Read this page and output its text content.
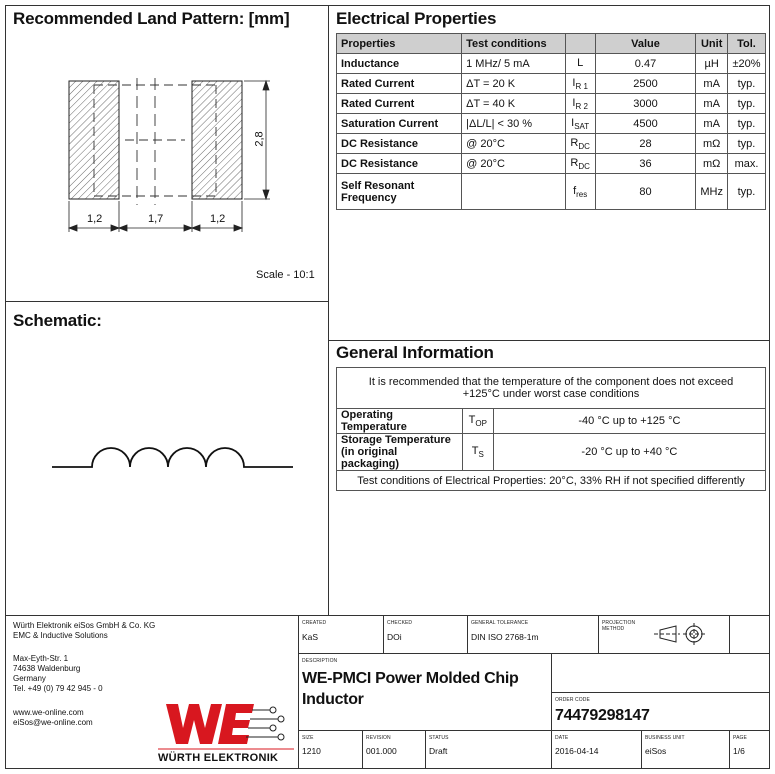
Recommended Land Pattern: [mm]
2,8
1,2	1,7	1,2
Scale - 10:1
Schematic:
Electrical Properties
Properties	Test conditions		Value	Unit	Tol.
Inductance	1 MHz/ 5 mA	L	0.47	µH	±20%
Rated Current	ΔT = 20 K	$I_{R 1}$	2500	mA	typ.
Rated Current	ΔT = 40 K	$I_{R 2}$	3000	mA	typ.
Saturation Current	|ΔL/L| < 30 %	$I_{SAT}$	4500	mA	typ.
DC Resistance	@ 20°C	$R_{DC}$	28	mΩ	typ.
DC Resistance	@ 20°C	$R_{DC}$	36	mΩ	max.
Self Resonant Frequency		$f_{res}$	80	MHz	typ.
General Information
It is recommended that the temperature of the component does not exceed +125°C under worst case conditions		
Operating Temperature	$T_{OP}$	-40 °C up to +125 °C
Storage Temperature (in original packaging)	$T_S$	-20 °C up to +40 °C
Test conditions of Electrical Properties: 20°C, 33% RH if not specified differently		
Würth Elektronik eiSos GmbH & Co. KG
EMC & Inductive Solutions
Max-Eyth-Str. 1
74638 Waldenburg
Germany
Tel. +49 (0) 79 42 945 - 0
www.we-online.com
eiSos@we-online.com
WÜRTH ELEKTRONIK
CREATED
KaS
CHECKED
DOi
GENERAL TOLERANCE
DIN ISO 2768-1m
PROJECTION METHOD
DESCRIPTION
WE-PMCI Power Molded Chip Inductor	ORDER CODE
74479298147
SIZE
1210
REVISION
001.000
STATUS
Draft
DATE
2016-04-14
BUSINESS UNIT
eiSos
PAGE
1/6
